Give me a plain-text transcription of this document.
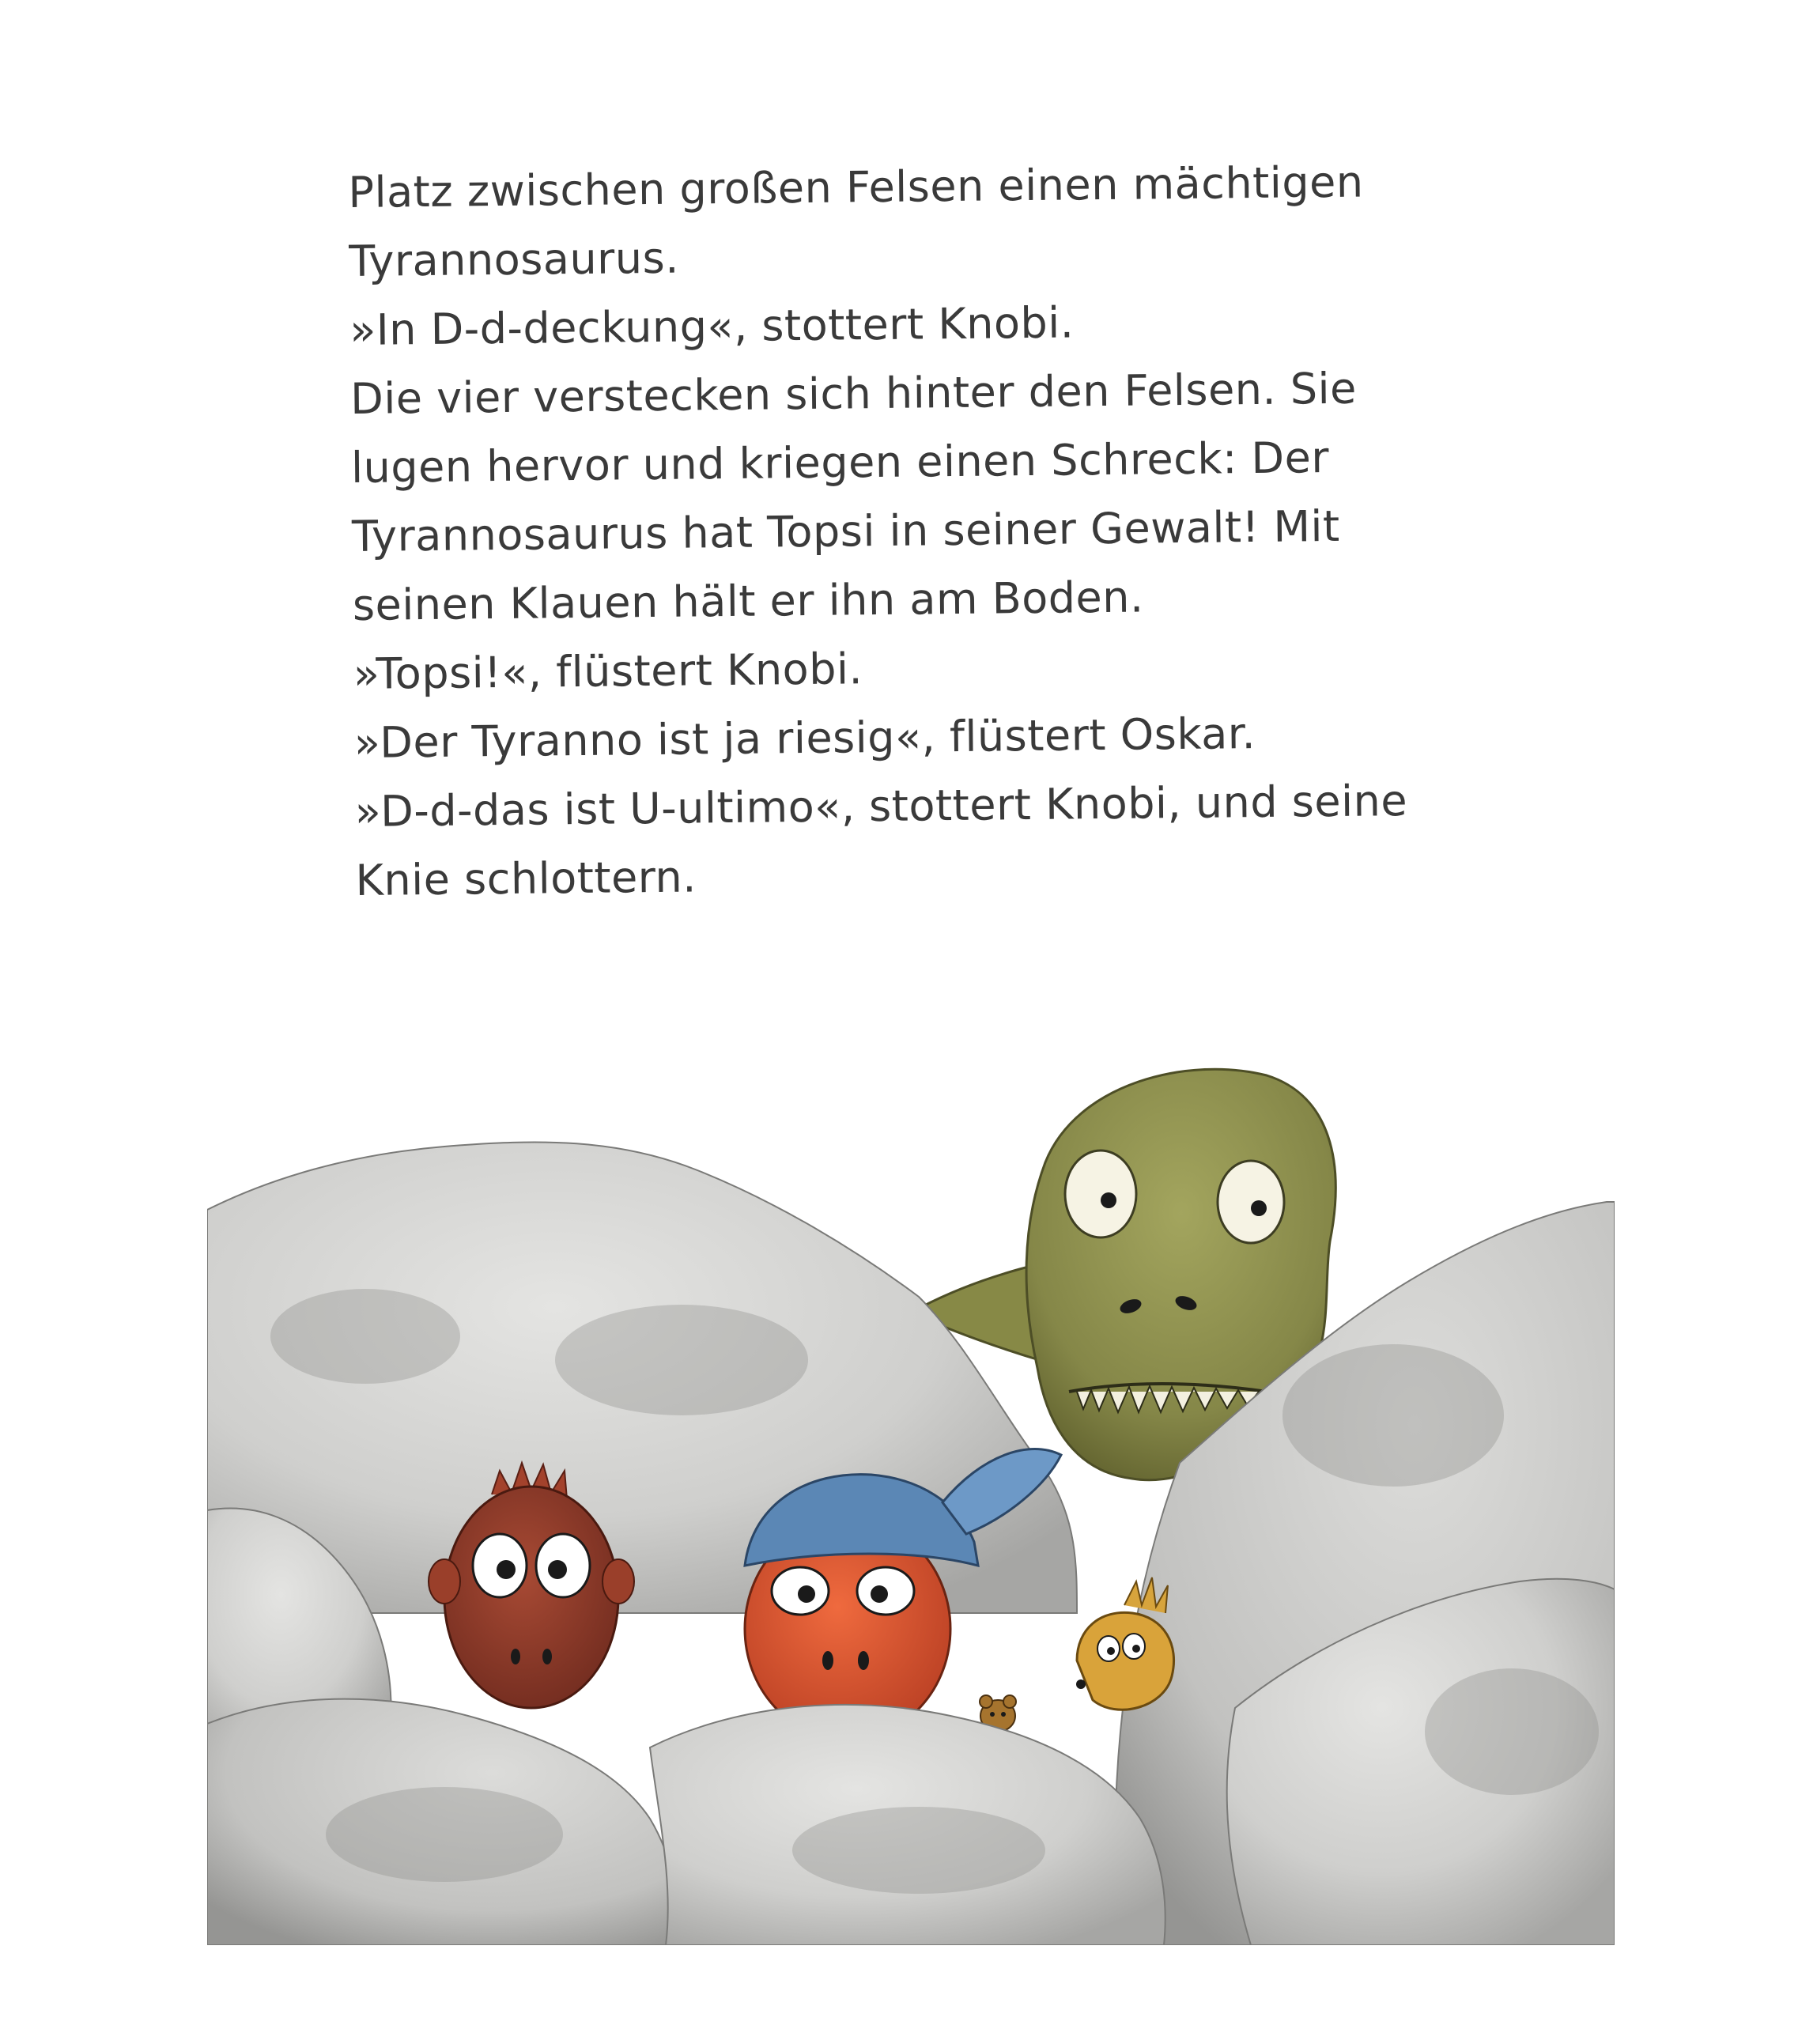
Platz zwischen großen Felsen einen mächtigen
Tyrannosaurus.
»In D-d-deckung«, stottert Knobi.
Die vier verstecken sich hinter den Felsen. Sie
lugen hervor und kriegen einen Schreck: Der
Tyrannosaurus hat Topsi in seiner Gewalt! Mit
seinen Klauen hält er ihn am Boden.
»Topsi!«, flüstert Knobi.
»Der Tyranno ist ja riesig«, flüstert Oskar.
»D-d-das ist U-ultimo«, stottert Knobi, und seine
Knie schlottern.
